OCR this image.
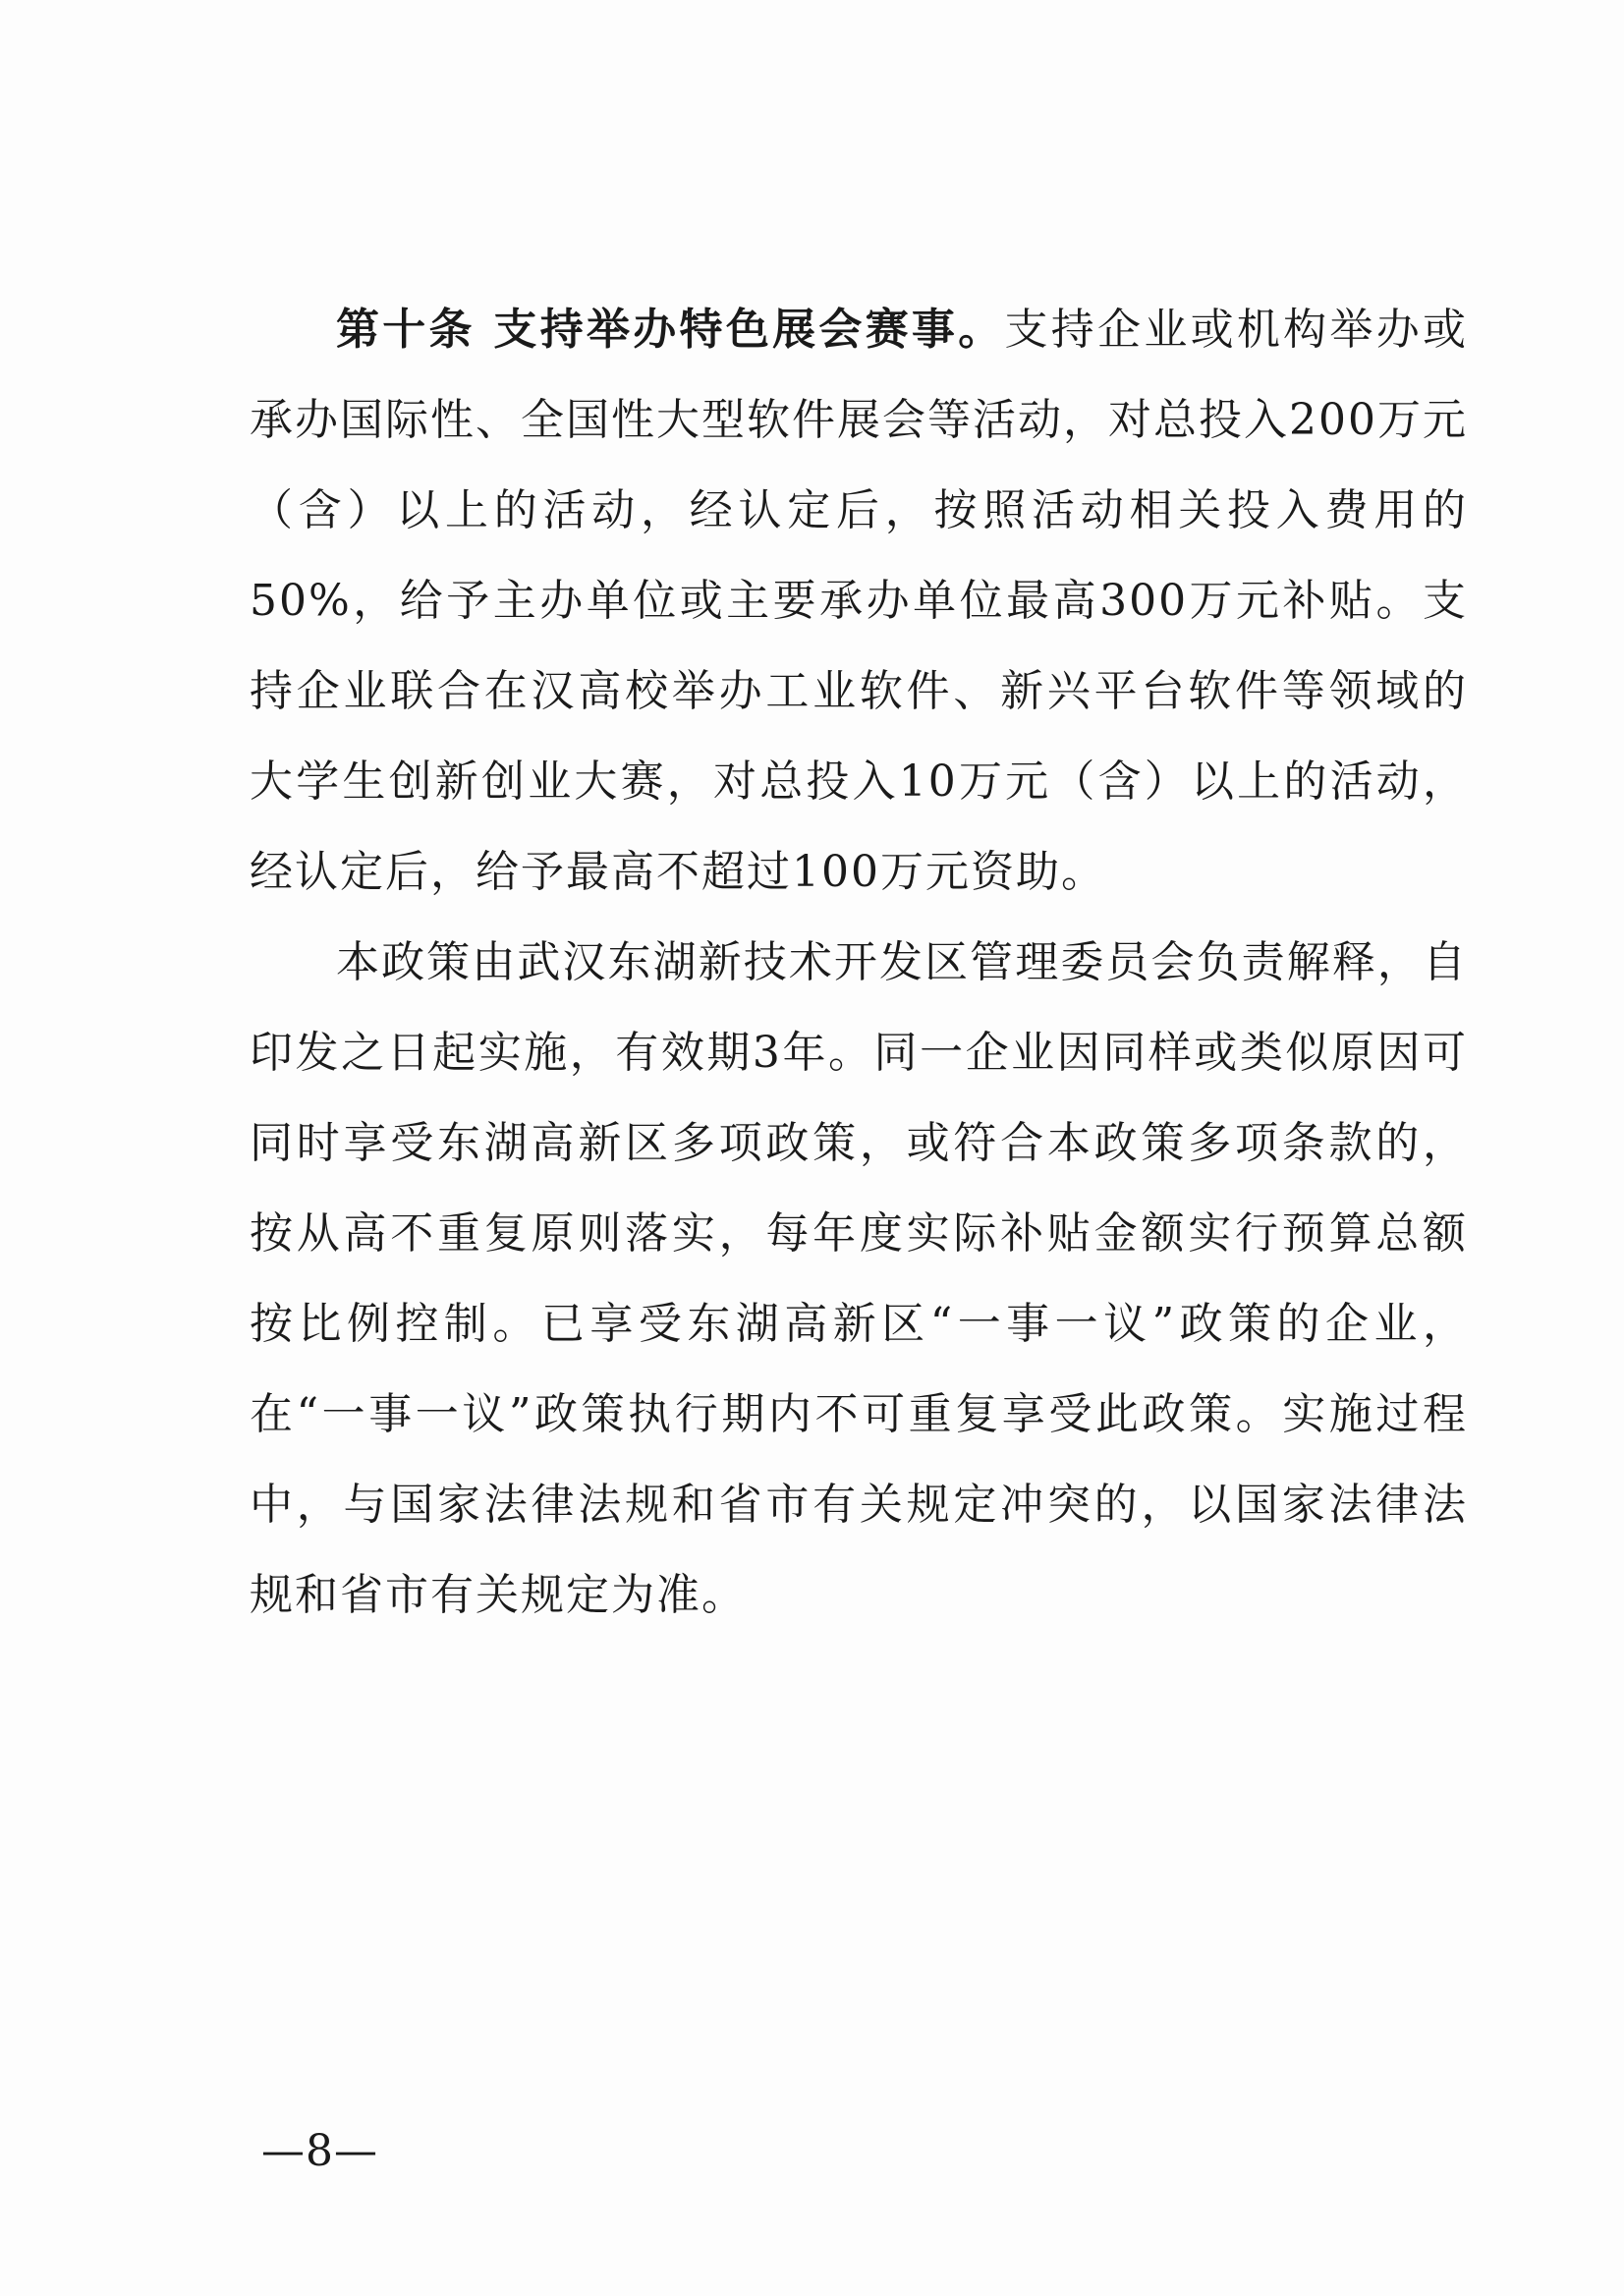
第十条 支持举办特色展会赛事。支持企业或机构举办或承办国际性、全国性大型软件展会等活动，对总投入200万元（含）以上的活动，经认定后，按照活动相关投入费用的50%，给予主办单位或主要承办单位最高300万元补贴。支持企业联合在汉高校举办工业软件、新兴平台软件等领域的大学生创新创业大赛，对总投入10万元（含）以上的活动，经认定后，给予最高不超过100万元资助。

本政策由武汉东湖新技术开发区管理委员会负责解释，自印发之日起实施，有效期3年。同一企业因同样或类似原因可同时享受东湖高新区多项政策，或符合本政策多项条款的，按从高不重复原则落实，每年度实际补贴金额实行预算总额按比例控制。已享受东湖高新区“一事一议”政策的企业，在“一事一议”政策执行期内不可重复享受此政策。实施过程中，与国家法律法规和省市有关规定冲突的，以国家法律法规和省市有关规定为准。

—8—
